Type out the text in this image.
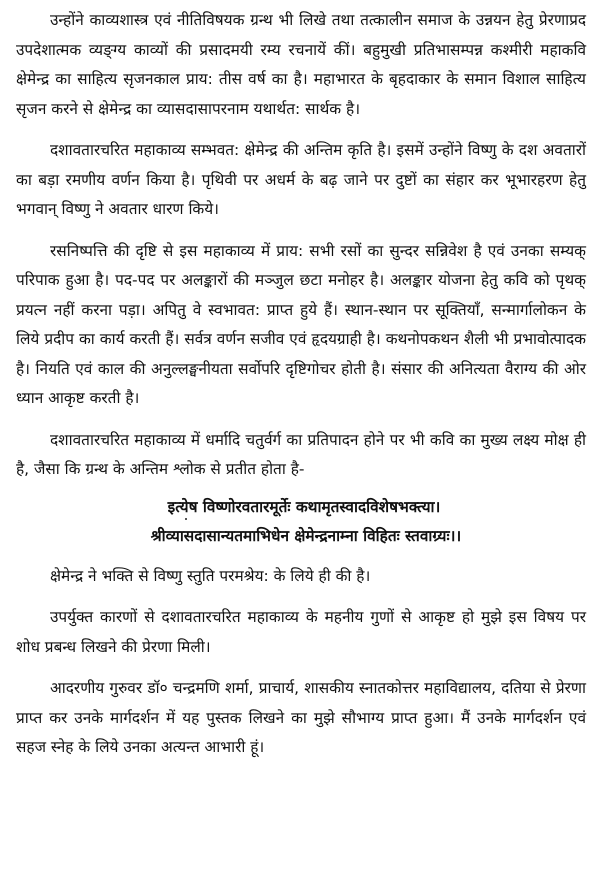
उन्होंने काव्यशास्त्र एवं नीतिविषयक ग्रन्थ भी लिखे तथा तत्कालीन समाज के उन्नयन हेतु प्रेरणाप्रद उपदेशात्मक व्यङ्ग्य काव्यों की प्रसादमयी रम्य रचनायें कीं। बहुमुखी प्रतिभासम्पन्न कश्मीरी महाकवि क्षेमेन्द्र का साहित्य सृजनकाल प्राय: तीस वर्ष का है। महाभारत के बृहदाकार के समान विशाल साहित्य सृजन करने से क्षेमेन्द्र का व्यासदासापरनाम यथार्थत: सार्थक है।

दशावतारचरित महाकाव्य सम्भवत: क्षेमेन्द्र की अन्तिम कृति है। इसमें उन्होंने विष्णु के दश अवतारों का बड़ा रमणीय वर्णन किया है। पृथिवी पर अधर्म के बढ़ जाने पर दुष्टों का संहार कर भूभारहरण हेतु भगवान् विष्णु ने अवतार धारण किये।

रसनिष्पत्ति की दृष्टि से इस महाकाव्य में प्राय: सभी रसों का सुन्दर सन्निवेश है एवं उनका सम्यक् परिपाक हुआ है। पद-पद पर अलङ्कारों की मञ्जुल छटा मनोहर है। अलङ्कार योजना हेतु कवि को पृथक् प्रयत्न नहीं करना पड़ा। अपितु वे स्वभावत: प्राप्त हुये हैं। स्थान-स्थान पर सूक्तियाँ, सन्मार्गालोकन के लिये प्रदीप का कार्य करती हैं। सर्वत्र वर्णन सजीव एवं हृदयग्राही है। कथनोपकथन शैली भी प्रभावोत्पादक है। नियति एवं काल की अनुल्लङ्घनीयता सर्वोपरि दृष्टिगोचर होती है। संसार की अनित्यता वैराग्य की ओर ध्यान आकृष्ट करती है।

दशावतारचरित महाकाव्य में धर्मादि चतुर्वर्ग का प्रतिपादन होने पर भी कवि का मुख्य लक्ष्य मोक्ष ही है, जैसा कि ग्रन्थ के अन्तिम श्लोक से प्रतीत होता है-

इत्येष विष्णोरवतारमूर्तेः कथामृतस्वादविशेषभक्त्या।
श्रीव्यासदासान्यतमाभिधेन क्षेमेन्द्रनाम्ना विहितः स्तवाग्र्यः।।

क्षेमेन्द्र ने भक्ति से विष्णु स्तुति परमश्रेय: के लिये ही की है।

उपर्युक्त कारणों से दशावतारचरित महाकाव्य के महनीय गुणों से आकृष्ट हो मुझे इस विषय पर शोध प्रबन्ध लिखने की प्रेरणा मिली।

आदरणीय गुरुवर डॉ० चन्द्रमणि शर्मा, प्राचार्य, शासकीय स्नातकोत्तर महाविद्यालय, दतिया से प्रेरणा प्राप्त कर उनके मार्गदर्शन में यह पुस्तक लिखने का मुझे सौभाग्य प्राप्त हुआ। मैं उनके मार्गदर्शन एवं सहज स्नेह के लिये उनका अत्यन्त आभारी हूं।
